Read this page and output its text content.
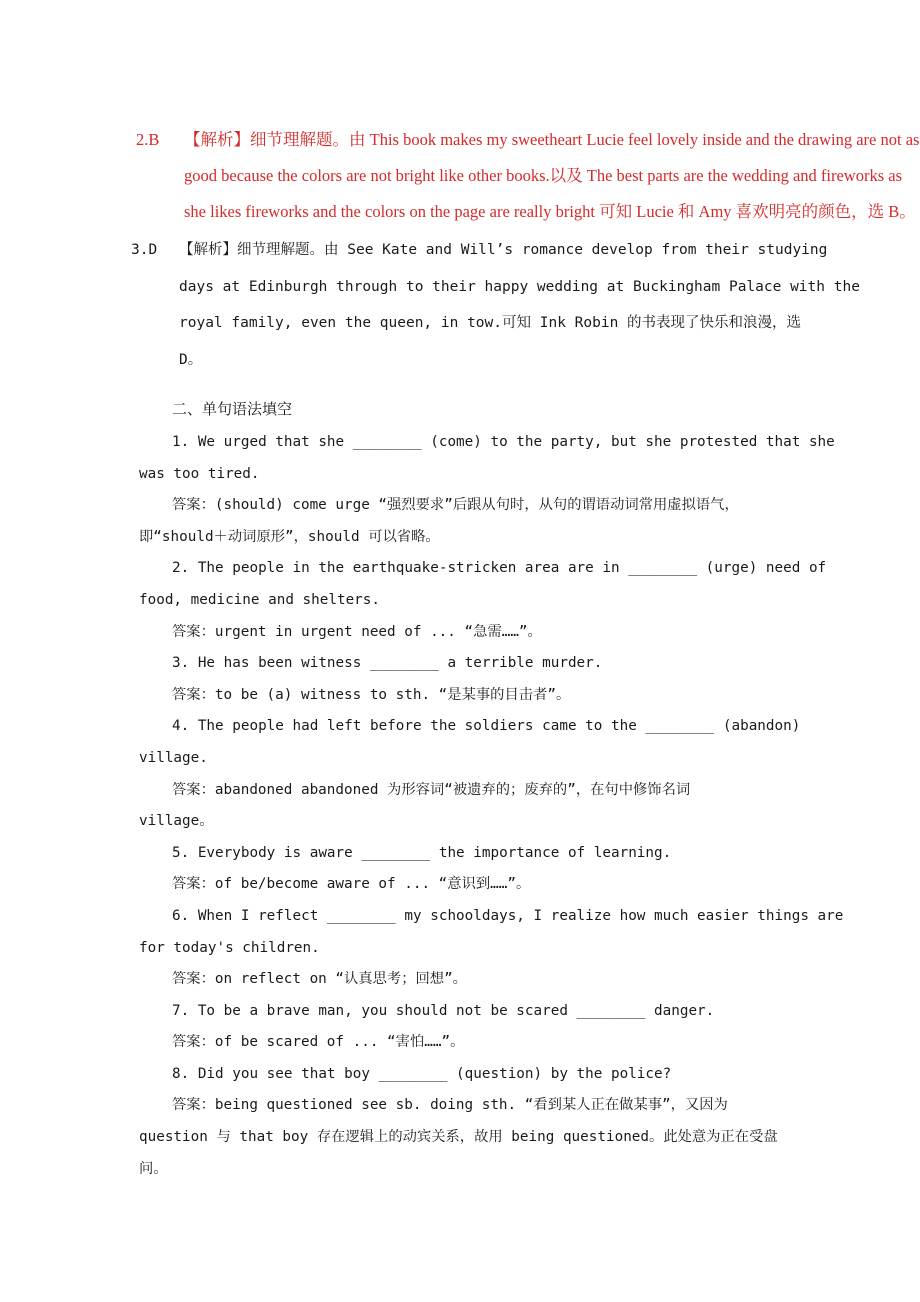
2.B	【解析】细节理解题。由 This book makes my sweetheart Lucie feel lovely inside and the drawing are not as
good because the colors are not bright like other books.以及 The best parts are the wedding and fireworks as
she likes fireworks and the colors on the page are really bright 可知 Lucie 和 Amy 喜欢明亮的颜色，选 B。
3.D 【解析】细节理解题。由 See Kate and Will’s romance develop from their studying
days at Edinburgh through to their happy wedding at Buckingham Palace with the
royal family, even the queen, in tow.可知 Ink Robin 的书表现了快乐和浪漫，选
D。
二、单句语法填空
1. We urged that she ________ (come) to the party, but she protested that she
was too tired.
答案：(should) come urge “强烈要求”后跟从句时，从句的谓语动词常用虚拟语气，
即“should＋动词原形”，should 可以省略。
2. The people in the earthquake-stricken area are in ________ (urge) need of
food, medicine and shelters.
答案：urgent in urgent need of ... “急需……”。
3. He has been witness ________ a terrible murder.
答案：to be (a) witness to sth. “是某事的目击者”。
4. The people had left before the soldiers came to the ________ (abandon)
village.
答案：abandoned abandoned 为形容词“被遗弃的；废弃的”，在句中修饰名词
village。
5. Everybody is aware ________ the importance of learning.
答案：of be/become aware of ... “意识到……”。
6. When I reflect ________ my schooldays, I realize how much easier things are
for today's children.
答案：on reflect on “认真思考；回想”。
7. To be a brave man, you should not be scared ________ danger.
答案：of be scared of ... “害怕……”。
8. Did you see that boy ________ (question) by the police?
答案：being questioned see sb. doing sth. “看到某人正在做某事”，又因为
question 与 that boy 存在逻辑上的动宾关系，故用 being questioned。此处意为正在受盘
问。
